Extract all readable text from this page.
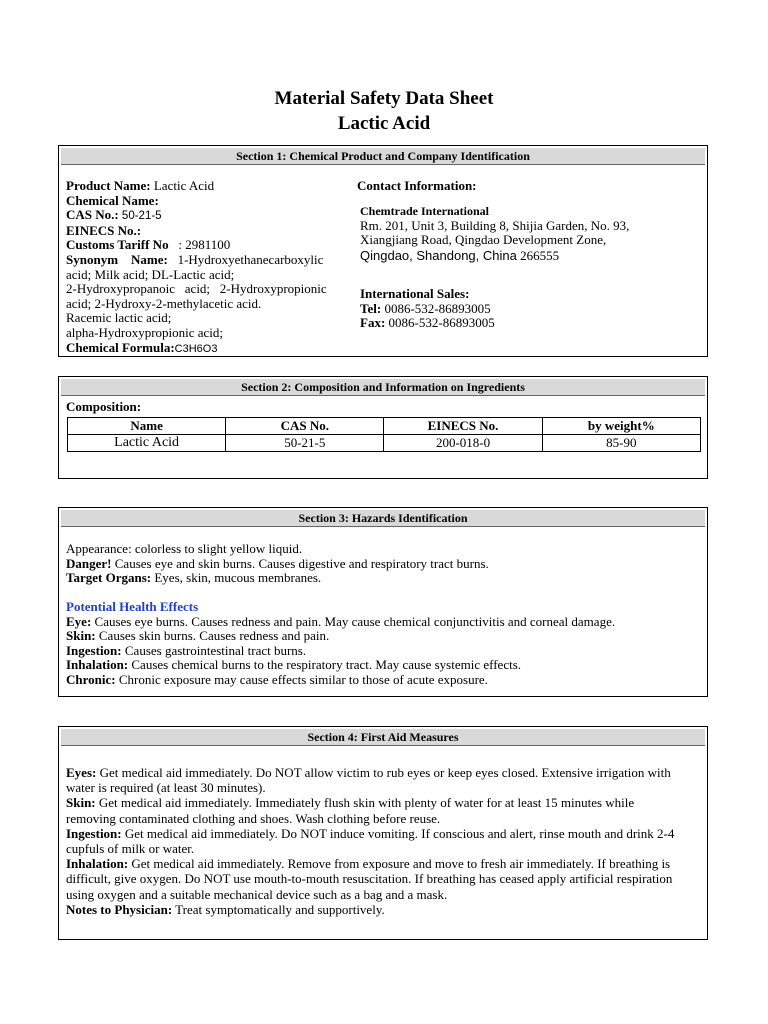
Material Safety Data Sheet
Lactic Acid
Section 1: Chemical Product and Company Identification
Product Name: Lactic Acid
Chemical Name:
CAS No.: 50-21-5
EINECS No.:
Customs Tariff No   : 2981100
Synonym    Name:   1-Hydroxyethanecarboxylic
acid; Milk acid; DL-Lactic acid;
2-Hydroxypropanoic   acid;   2-Hydroxypropionic
acid; 2-Hydroxy-2-methylacetic acid.
Racemic lactic acid;
alpha-Hydroxypropionic acid;
Chemical Formula:C3H6O3
Contact Information:
Chemtrade International
Rm. 201, Unit 3, Building 8, Shijia Garden, No. 93,
Xiangjiang Road, Qingdao Development Zone,
Qingdao, Shandong, China 266555
International Sales:
Tel: 0086-532-86893005
Fax: 0086-532-86893005
Section 2: Composition and Information on Ingredients
Composition:
Name	CAS No.	EINECS No.	by weight%
Lactic Acid	50-21-5	200-018-0	85-90
Section 3: Hazards Identification
Appearance: colorless to slight yellow liquid.
Danger! Causes eye and skin burns. Causes digestive and respiratory tract burns.
Target Organs: Eyes, skin, mucous membranes.
Potential Health Effects
Eye: Causes eye burns. Causes redness and pain. May cause chemical conjunctivitis and corneal damage.
Skin: Causes skin burns. Causes redness and pain.
Ingestion: Causes gastrointestinal tract burns.
Inhalation: Causes chemical burns to the respiratory tract. May cause systemic effects.
Chronic: Chronic exposure may cause effects similar to those of acute exposure.
Section 4: First Aid Measures
Eyes: Get medical aid immediately. Do NOT allow victim to rub eyes or keep eyes closed. Extensive irrigation with
water is required (at least 30 minutes).
Skin: Get medical aid immediately. Immediately flush skin with plenty of water for at least 15 minutes while
removing contaminated clothing and shoes. Wash clothing before reuse.
Ingestion: Get medical aid immediately. Do NOT induce vomiting. If conscious and alert, rinse mouth and drink 2-4
cupfuls of milk or water.
Inhalation: Get medical aid immediately. Remove from exposure and move to fresh air immediately. If breathing is
difficult, give oxygen. Do NOT use mouth-to-mouth resuscitation. If breathing has ceased apply artificial respiration
using oxygen and a suitable mechanical device such as a bag and a mask.
Notes to Physician: Treat symptomatically and supportively.
